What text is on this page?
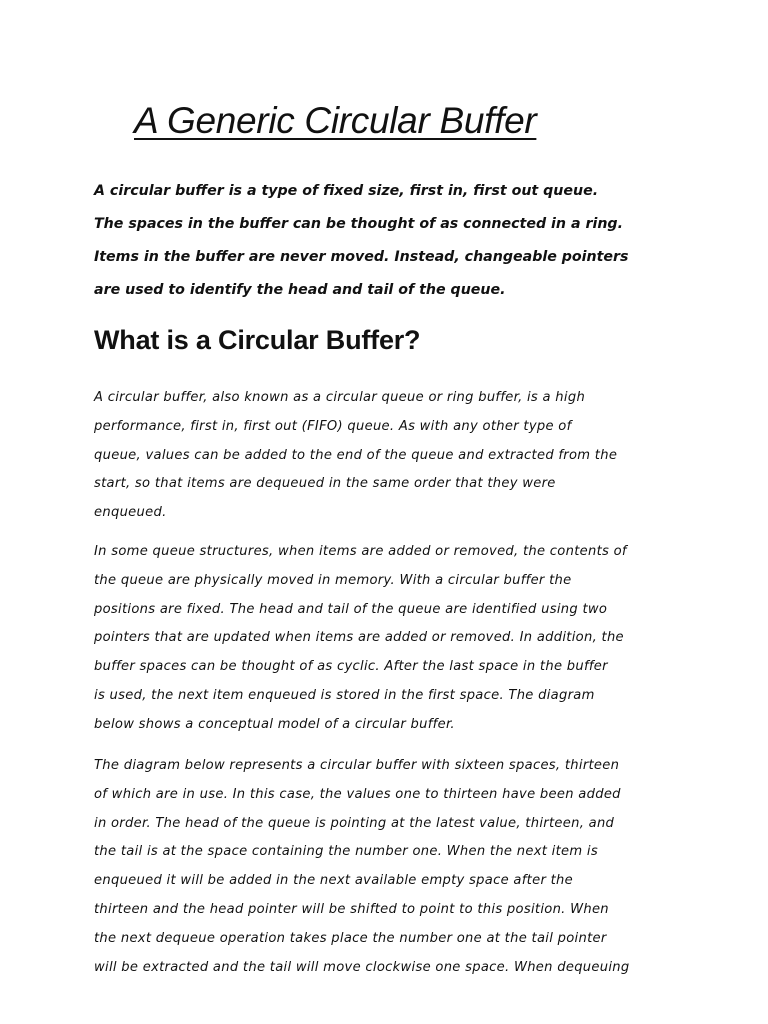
A Generic Circular Buffer

A circular buffer is a type of fixed size, first in, first out queue.
The spaces in the buffer can be thought of as connected in a ring.
Items in the buffer are never moved. Instead, changeable pointers
are used to identify the head and tail of the queue.

What is a Circular Buffer?

A circular buffer, also known as a circular queue or ring buffer, is a high
performance, first in, first out (FIFO) queue. As with any other type of
queue, values can be added to the end of the queue and extracted from the
start, so that items are dequeued in the same order that they were
enqueued.

In some queue structures, when items are added or removed, the contents of
the queue are physically moved in memory. With a circular buffer the
positions are fixed. The head and tail of the queue are identified using two
pointers that are updated when items are added or removed. In addition, the
buffer spaces can be thought of as cyclic. After the last space in the buffer
is used, the next item enqueued is stored in the first space. The diagram
below shows a conceptual model of a circular buffer.

The diagram below represents a circular buffer with sixteen spaces, thirteen
of which are in use. In this case, the values one to thirteen have been added
in order. The head of the queue is pointing at the latest value, thirteen, and
the tail is at the space containing the number one. When the next item is
enqueued it will be added in the next available empty space after the
thirteen and the head pointer will be shifted to point to this position. When
the next dequeue operation takes place the number one at the tail pointer
will be extracted and the tail will move clockwise one space. When dequeuing
